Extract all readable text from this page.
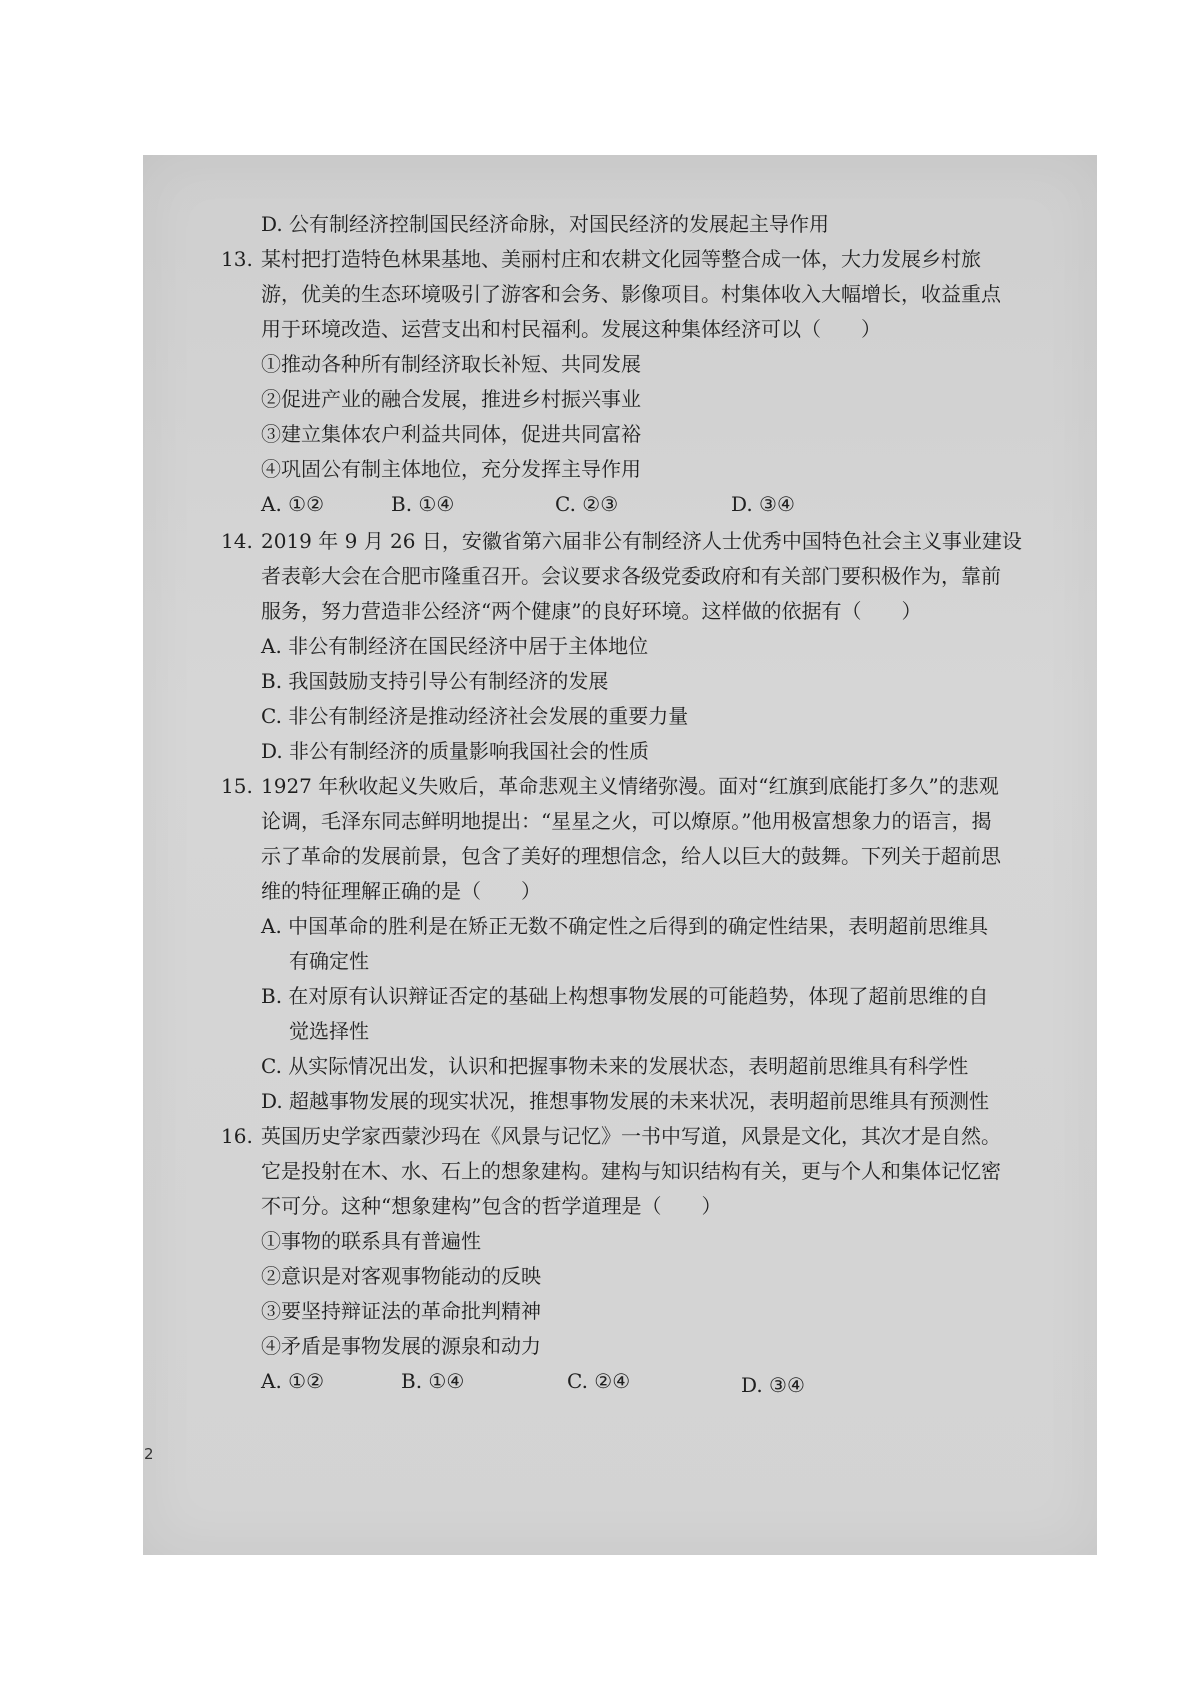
D. 公有制经济控制国民经济命脉，对国民经济的发展起主导作用
13. 某村把打造特色林果基地、美丽村庄和农耕文化园等整合成一体，大力发展乡村旅
游，优美的生态环境吸引了游客和会务、影像项目。村集体收入大幅增长，收益重点
用于环境改造、运营支出和村民福利。发展这种集体经济可以（　　）
①推动各种所有制经济取长补短、共同发展
②促进产业的融合发展，推进乡村振兴事业
③建立集体农户利益共同体，促进共同富裕
④巩固公有制主体地位，充分发挥主导作用
A. ①②	B. ①④	C. ②③	D. ③④
14. 2019 年 9 月 26 日，安徽省第六届非公有制经济人士优秀中国特色社会主义事业建设
者表彰大会在合肥市隆重召开。会议要求各级党委政府和有关部门要积极作为，靠前
服务，努力营造非公经济“两个健康”的良好环境。这样做的依据有（　　）
A. 非公有制经济在国民经济中居于主体地位
B. 我国鼓励支持引导公有制经济的发展
C. 非公有制经济是推动经济社会发展的重要力量
D. 非公有制经济的质量影响我国社会的性质
15. 1927 年秋收起义失败后，革命悲观主义情绪弥漫。面对“红旗到底能打多久”的悲观
论调，毛泽东同志鲜明地提出：“星星之火，可以燎原。”他用极富想象力的语言，揭
示了革命的发展前景，包含了美好的理想信念，给人以巨大的鼓舞。下列关于超前思
维的特征理解正确的是（　　）
A. 中国革命的胜利是在矫正无数不确定性之后得到的确定性结果，表明超前思维具
有确定性
B. 在对原有认识辩证否定的基础上构想事物发展的可能趋势，体现了超前思维的自
觉选择性
C. 从实际情况出发，认识和把握事物未来的发展状态，表明超前思维具有科学性
D. 超越事物发展的现实状况，推想事物发展的未来状况，表明超前思维具有预测性
16. 英国历史学家西蒙沙玛在《风景与记忆》一书中写道，风景是文化，其次才是自然。
它是投射在木、水、石上的想象建构。建构与知识结构有关，更与个人和集体记忆密
不可分。这种“想象建构”包含的哲学道理是（　　）
①事物的联系具有普遍性
②意识是对客观事物能动的反映
③要坚持辩证法的革命批判精神
④矛盾是事物发展的源泉和动力
A. ①②	B. ①④	C. ②④	D. ③④
2
